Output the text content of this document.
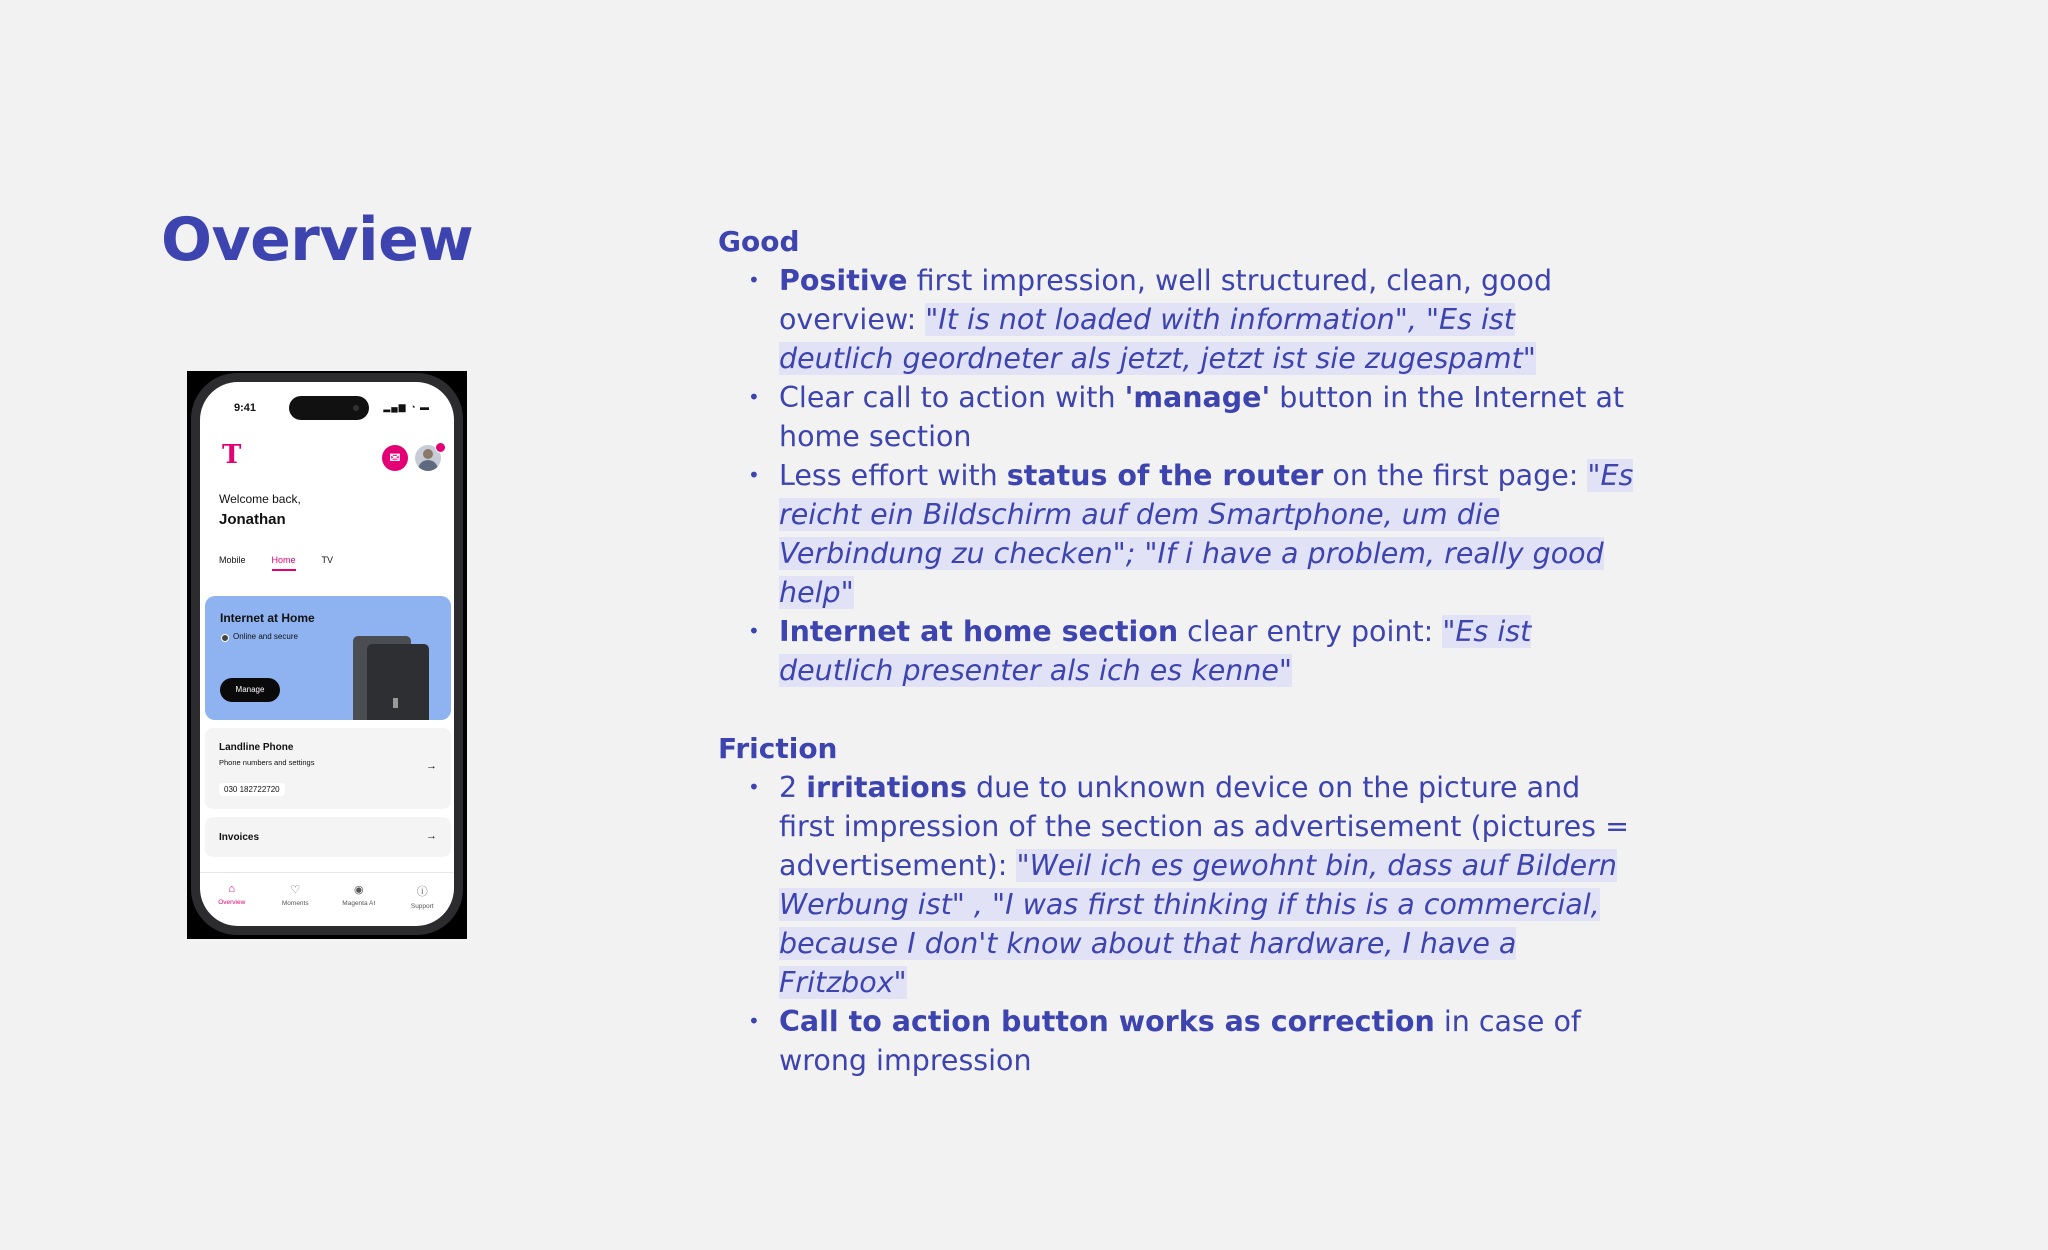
Overview
9:41	▂▄▆ ◔ ▬
T	✉
Welcome back,
Jonathan
Mobile	Home	TV
Internet at Home
Online and secure
Manage
Landline Phone
Phone numbers and settings
030 182722720
→
Invoices	→
⌂
Overview
♡
Moments
◉
Magenta AI
ⓘ
Support
Good
• Positive first impression, well structured, clean, good overview: "It is not loaded with information", "Es ist deutlich geordneter als jetzt, jetzt ist sie zugespamt"
• Clear call to action with 'manage' button in the Internet at home section
• Less effort with status of the router on the first page: "Es reicht ein Bildschirm auf dem Smartphone, um die Verbindung zu checken"; "If i have a problem, really good help"
• Internet at home section clear entry point: "Es ist deutlich presenter als ich es kenne"
Friction
• 2 irritations due to unknown device on the picture and first impression of the section as advertisement (pictures = advertisement): "Weil ich es gewohnt bin, dass auf Bildern Werbung ist" , "I was first thinking if this is a commercial, because I don't know about that hardware, I have a Fritzbox"
• Call to action button works as correction in case of wrong impression
